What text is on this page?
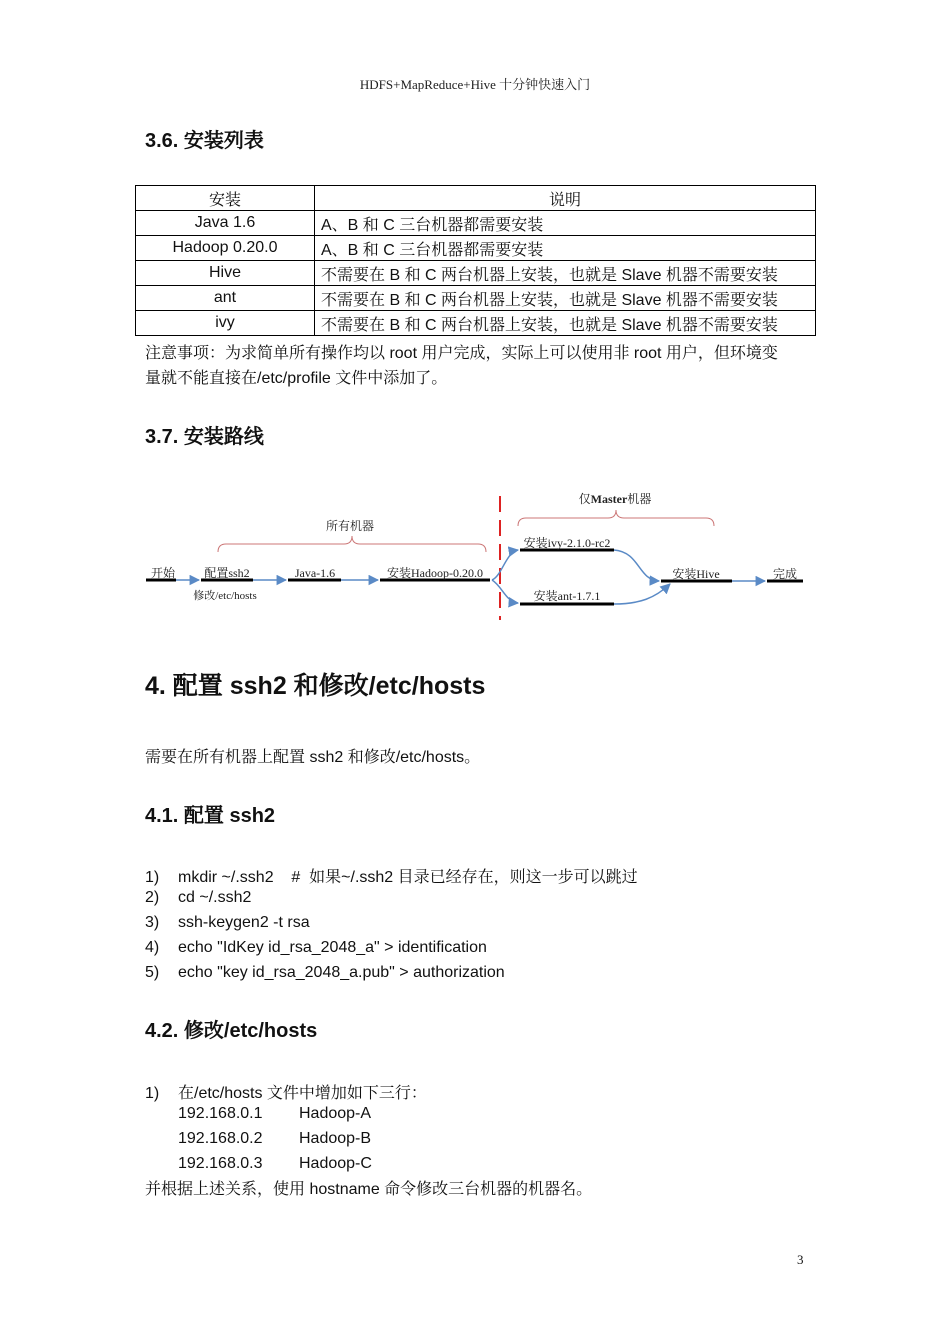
HDFS+MapReduce+Hive 十分钟快速入门
3.6. 安装列表
安装	说明
Java 1.6	A、B 和 C 三台机器都需要安装
Hadoop 0.20.0	A、B 和 C 三台机器都需要安装
Hive	不需要在 B 和 C 两台机器上安装，也就是 Slave 机器不需要安装
ant	不需要在 B 和 C 两台机器上安装，也就是 Slave 机器不需要安装
ivy	不需要在 B 和 C 两台机器上安装，也就是 Slave 机器不需要安装
注意事项：为求简单所有操作均以 root 用户完成，实际上可以使用非 root 用户，但环境变
量就不能直接在/etc/profile 文件中添加了。
3.7. 安装路线
所有机器
仅Master机器
开始 配置ssh2
修改/etc/hosts
Java-1.6	安装Hadoop-0.20.0
安装ivy-2.1.0-rc2
安装ant-1.7.1
安装Hive	完成
4. 配置 ssh2 和修改/etc/hosts
需要在所有机器上配置 ssh2 和修改/etc/hosts。
4.1. 配置 ssh2
1) mkdir ~/.ssh2    #  如果~/.ssh2 目录已经存在，则这一步可以跳过
2) cd ~/.ssh2
3) ssh-keygen2 -t rsa
4) echo "IdKey id_rsa_2048_a" > identification
5) echo "key id_rsa_2048_a.pub" > authorization
4.2. 修改/etc/hosts
1) 在/etc/hosts 文件中增加如下三行：
192.168.0.1 Hadoop-A
192.168.0.2 Hadoop-B
192.168.0.3 Hadoop-C
并根据上述关系，使用 hostname 命令修改三台机器的机器名。
3
